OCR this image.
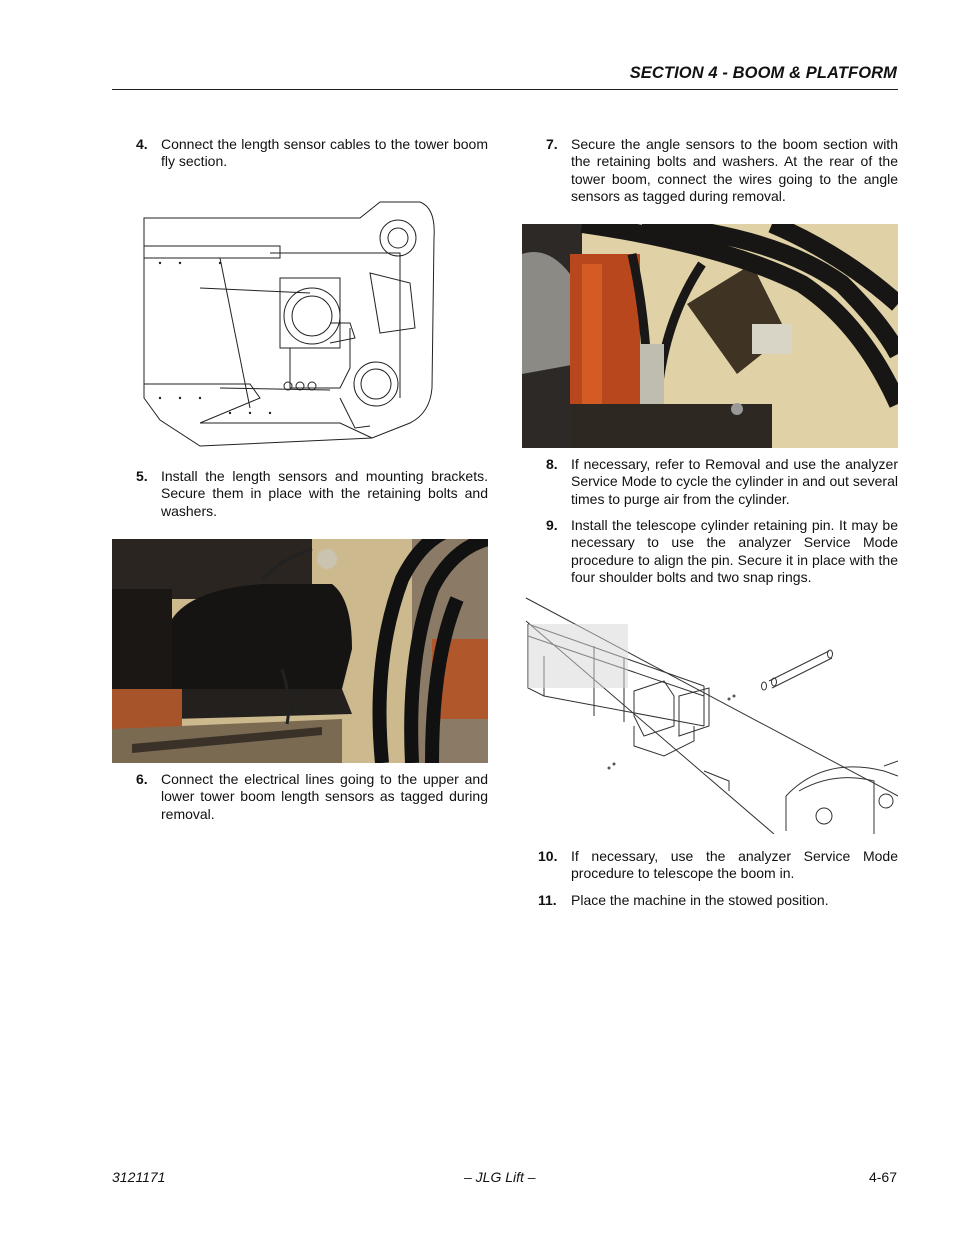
SECTION 4 - BOOM & PLATFORM
4. Connect the length sensor cables to the tower boom fly section.
5. Install the length sensors and mounting brackets. Secure them in place with the retaining bolts and washers.
6. Connect the electrical lines going to the upper and lower tower boom length sensors as tagged during removal.
7. Secure the angle sensors to the boom section with the retaining bolts and washers. At the rear of the tower boom, connect the wires going to the angle sensors as tagged during removal.
8. If necessary, refer to Removal and use the analyzer Service Mode to cycle the cylinder in and out several times to purge air from the cylinder.
9. Install the telescope cylinder retaining pin. It may be necessary to use the analyzer Service Mode procedure to align the pin. Secure it in place with the four shoulder bolts and two snap rings.
10. If necessary, use the analyzer Service Mode procedure to telescope the boom in.
11. Place the machine in the stowed position.
3121171	– JLG Lift –	4-67
